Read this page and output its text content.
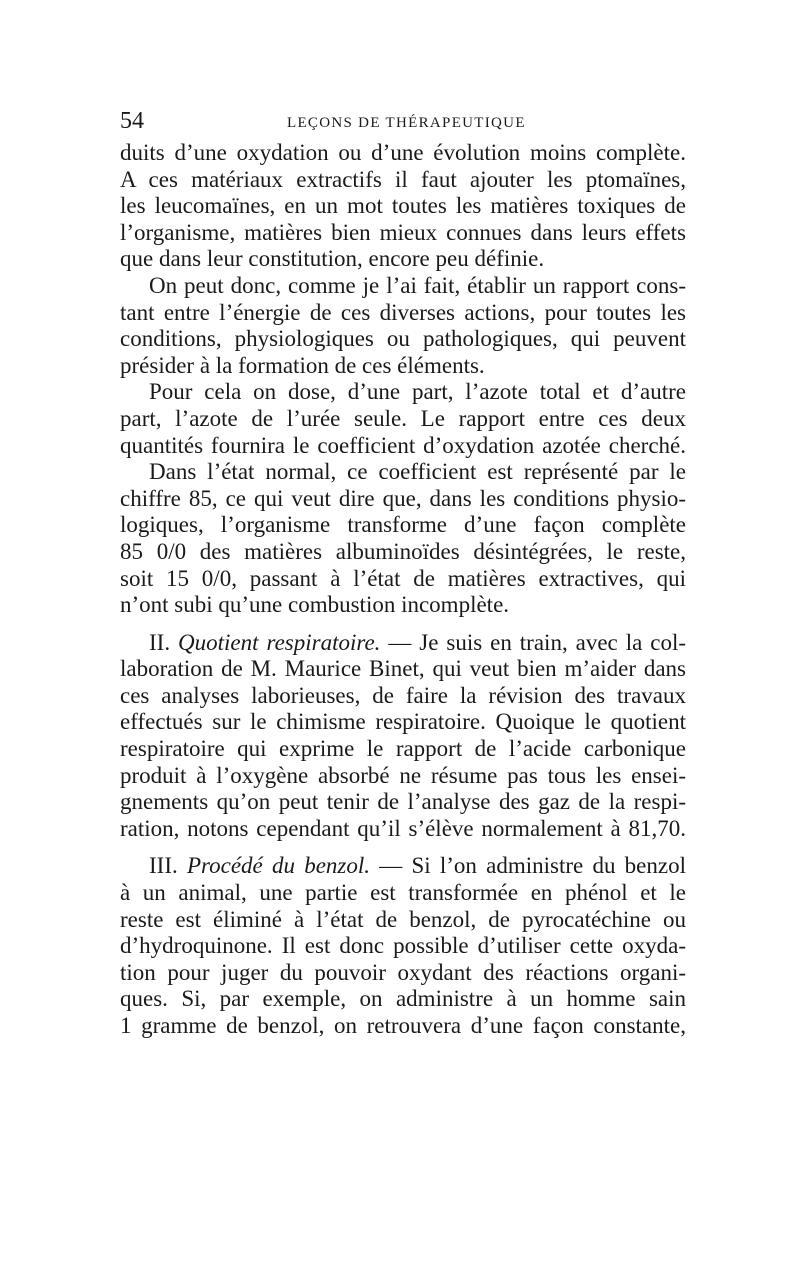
54	LEÇONS DE THÉRAPEUTIQUE

duits d’une oxydation ou d’une évolution moins complète.
A ces matériaux extractifs il faut ajouter les ptomaïnes,
les leucomaïnes, en un mot toutes les matières toxiques de
l’organisme, matières bien mieux connues dans leurs effets
que dans leur constitution, encore peu définie.

On peut donc, comme je l’ai fait, établir un rapport cons-
tant entre l’énergie de ces diverses actions, pour toutes les
conditions, physiologiques ou pathologiques, qui peuvent
présider à la formation de ces éléments.

Pour cela on dose, d’une part, l’azote total et d’autre
part, l’azote de l’urée seule. Le rapport entre ces deux
quantités fournira le coefficient d’oxydation azotée cherché.

Dans l’état normal, ce coefficient est représenté par le
chiffre 85, ce qui veut dire que, dans les conditions physio-
logiques, l’organisme transforme d’une façon complète
85 0/0 des matières albuminoïdes désintégrées, le reste,
soit 15 0/0, passant à l’état de matières extractives, qui
n’ont subi qu’une combustion incomplète.

II. Quotient respiratoire. — Je suis en train, avec la col-
laboration de M. Maurice Binet, qui veut bien m’aider dans
ces analyses laborieuses, de faire la révision des travaux
effectués sur le chimisme respiratoire. Quoique le quotient
respiratoire qui exprime le rapport de l’acide carbonique
produit à l’oxygène absorbé ne résume pas tous les ensei-
gnements qu’on peut tenir de l’analyse des gaz de la respi-
ration, notons cependant qu’il s’élève normalement à 81,70.

III. Procédé du benzol. — Si l’on administre du benzol
à un animal, une partie est transformée en phénol et le
reste est éliminé à l’état de benzol, de pyrocatéchine ou
d’hydroquinone. Il est donc possible d’utiliser cette oxyda-
tion pour juger du pouvoir oxydant des réactions organi-
ques. Si, par exemple, on administre à un homme sain
1 gramme de benzol, on retrouvera d’une façon constante,
